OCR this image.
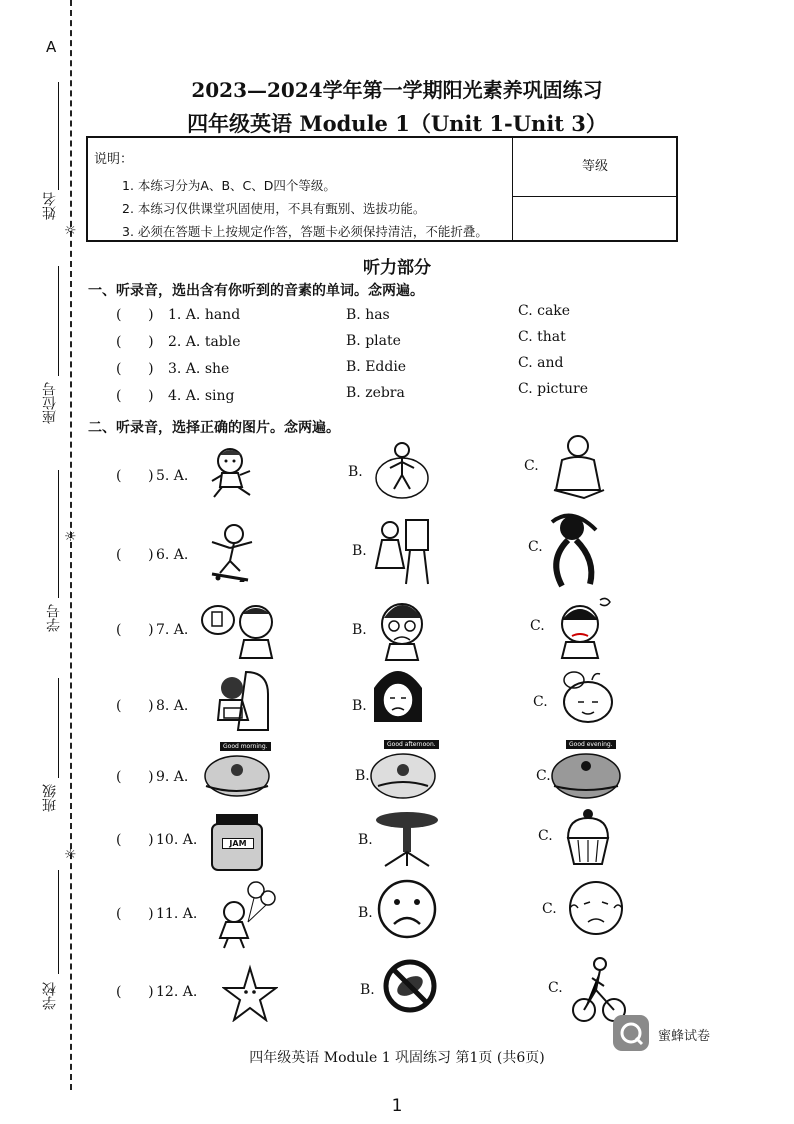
A
姓名
☼
座位号
☼
学号
班级
☼
学校
2023—2024学年第一学期阳光素养巩固练习
四年级英语 Module 1（Unit 1-Unit 3）
说明：
1. 本练习分为A、B、C、D四个等级。
2. 本练习仅供课堂巩固使用，不具有甄别、选拔功能。
3. 必须在答题卡上按规定作答，答题卡必须保持清洁，不能折叠。
等级
听力部分
一、听录音，选出含有你听到的音素的单词。念两遍。
(      ) 1. A. hand	B. has	C. cake
(      ) 2. A. table	B. plate	C. that
(      ) 3. A. she	B. Eddie	C. and
(      ) 4. A. sing	B. zebra	C. picture
二、听录音，选择正确的图片。念两遍。
(      ) 5. A.	B.	C.
(      ) 6. A.	B.	C.
(      ) 7. A.	B.	C.
(      ) 8. A.	B.	C.
(      ) 9. A.
Good morning.
B.
Good afternoon.
C.
Good evening.
(      ) 10. A.	JAM	B.	C.
(      ) 11. A.	B.	C.
(      ) 12. A.	B.	C.
蜜蜂试卷
四年级英语 Module 1 巩固练习 第1页 (共6页)
1
